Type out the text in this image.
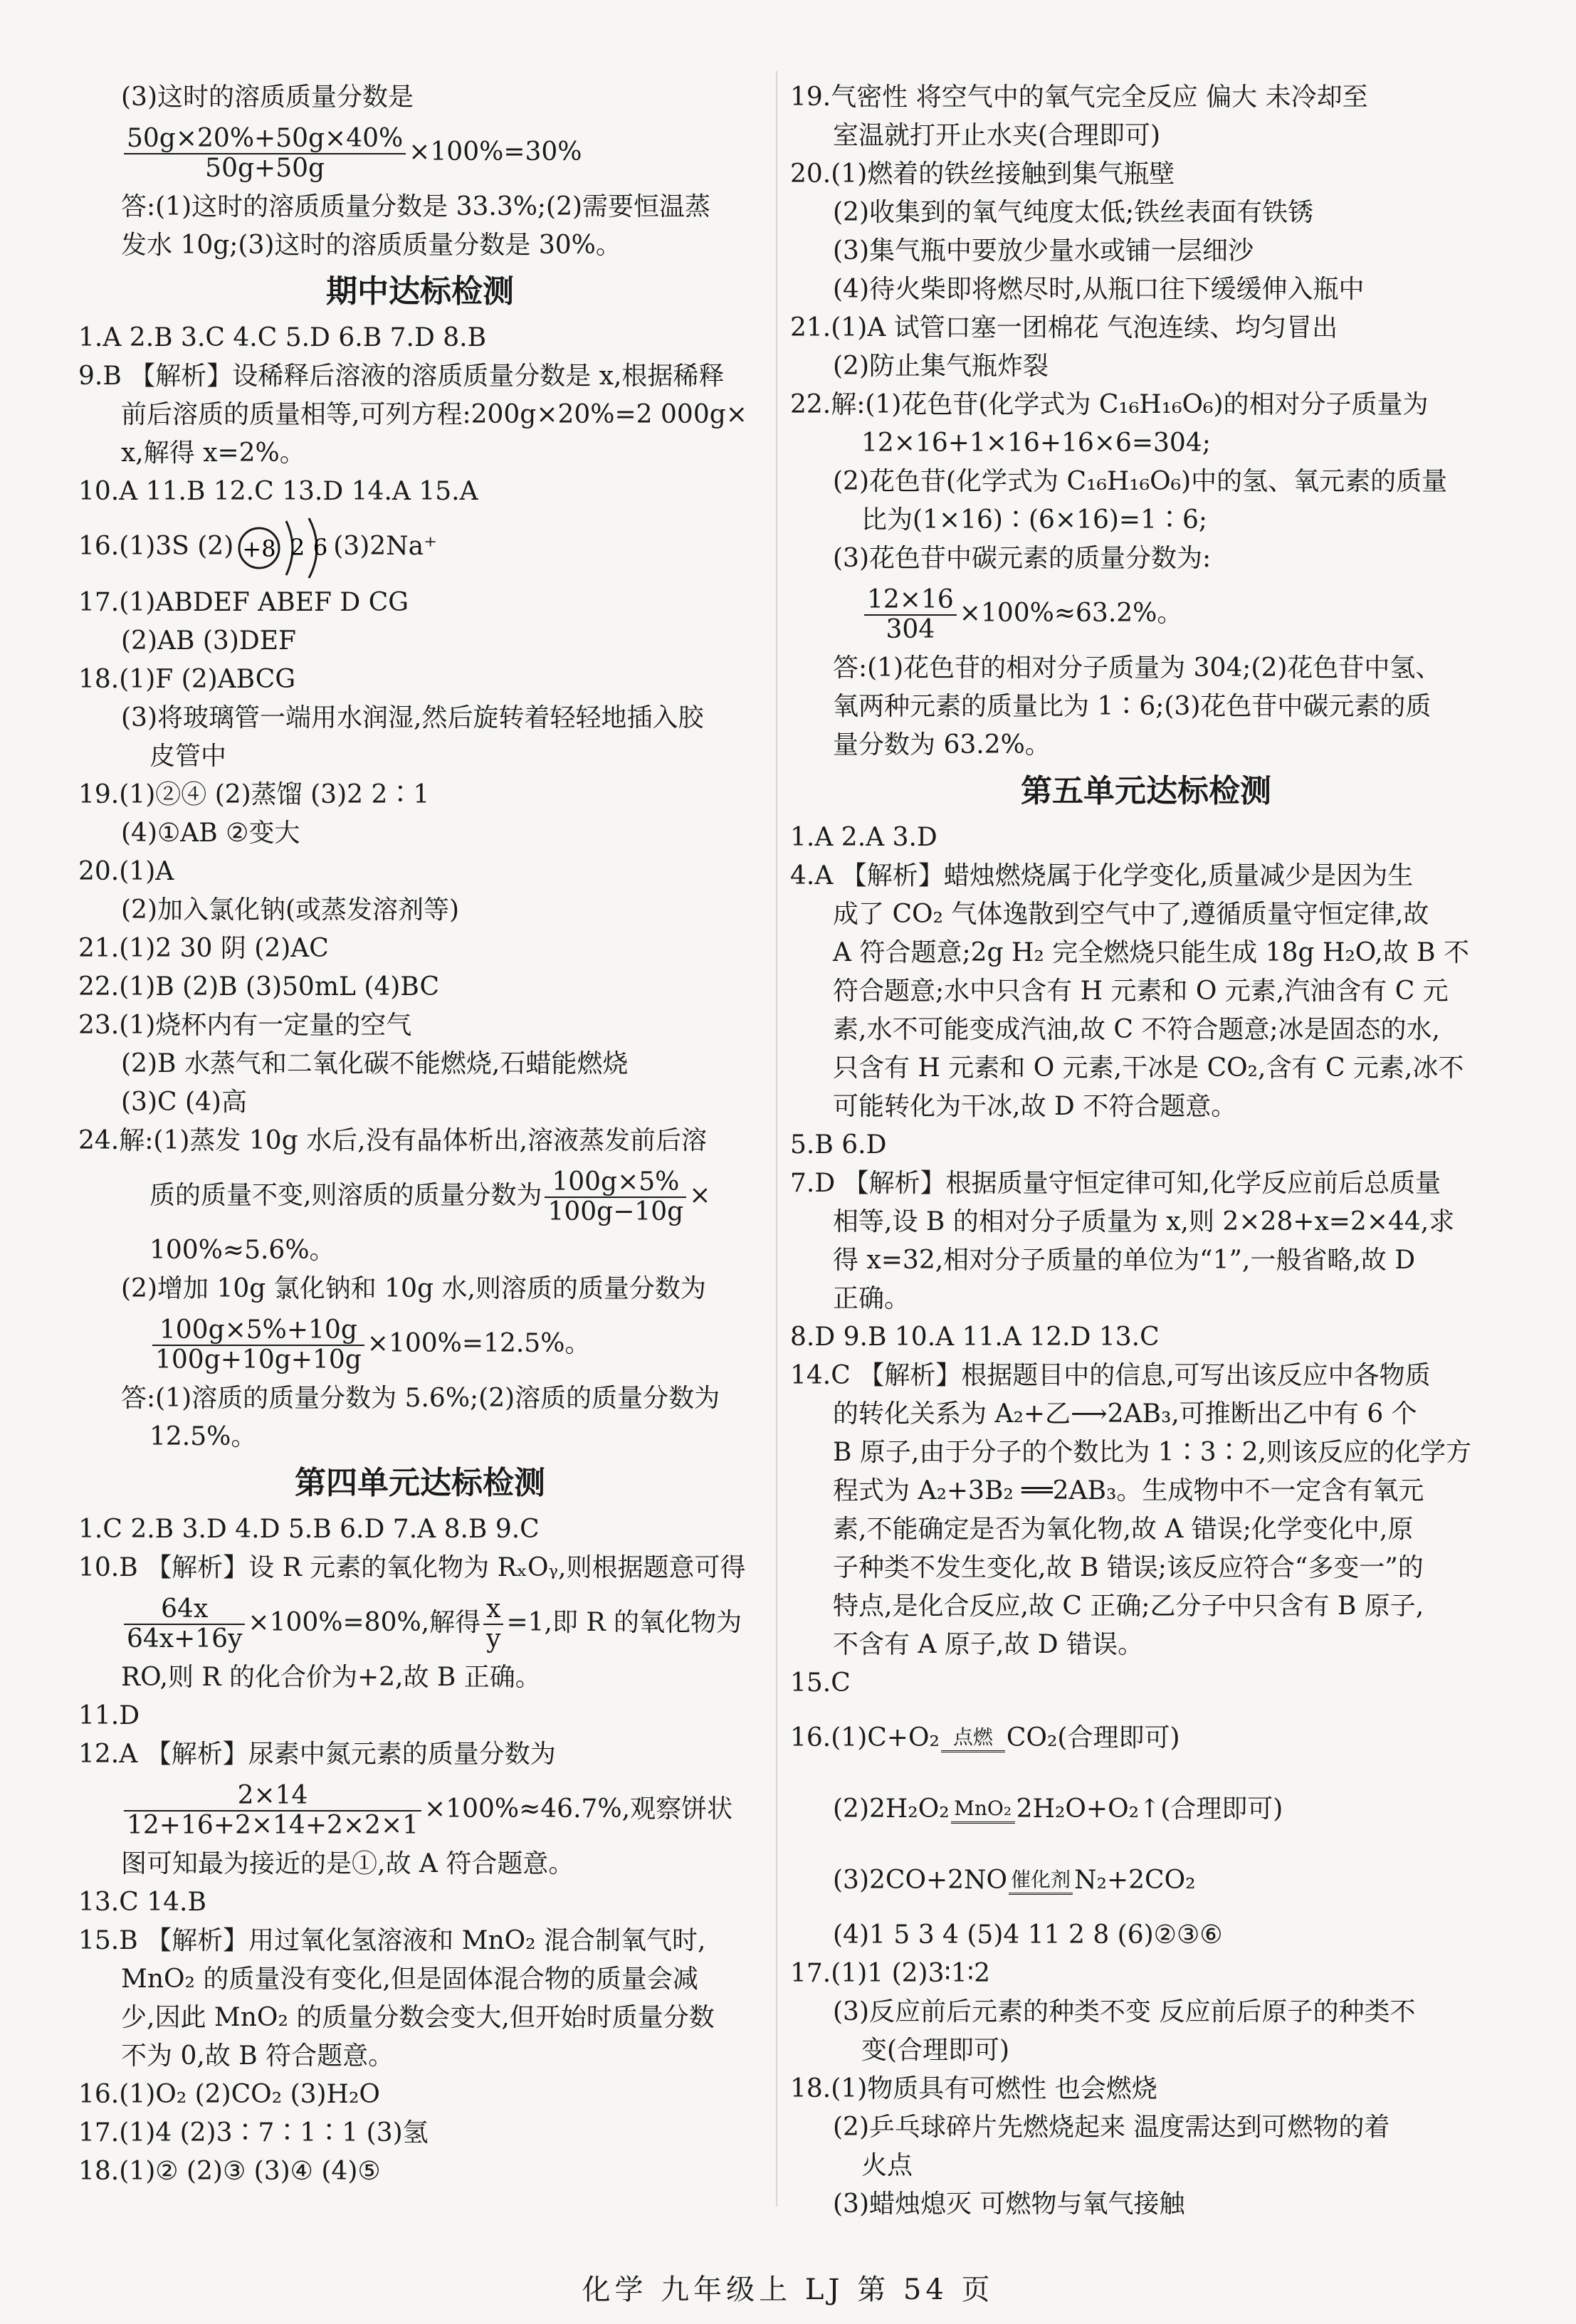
(3)这时的溶质质量分数是
$\frac{50g\times 20\%+50g\times 40\%}{50g+50g} \times 100\%=30\%$
答:(1)这时的溶质质量分数是 33.3%;(2)需要恒温蒸
发水 10g;(3)这时的溶质质量分数是 30%。
期中达标检测
1.A 2.B 3.C 4.C 5.D 6.B 7.D 8.B
9.B 【解析】设稀释后溶液的溶质质量分数是 x,根据稀释
前后溶质的质量相等,可列方程:200g×20%=2 000g×
x,解得 x=2%。
10.A 11.B 12.C 13.D 14.A 15.A
16.(1)3S (2) +8 2 6 (3)2Na⁺
17.(1)ABDEF ABEF D CG
(2)AB (3)DEF
18.(1)F (2)ABCG
(3)将玻璃管一端用水润湿,然后旋转着轻轻地插入胶
皮管中
19.(1)②④ (2)蒸馏 (3)2 2∶1
(4)①AB ②变大
20.(1)A
(2)加入氯化钠(或蒸发溶剂等)
21.(1)2 30 阴 (2)AC
22.(1)B (2)B (3)50mL (4)BC
23.(1)烧杯内有一定量的空气
(2)B 水蒸气和二氧化碳不能燃烧,石蜡能燃烧
(3)C (4)高
24.解:(1)蒸发 10g 水后,没有晶体析出,溶液蒸发前后溶
质的质量不变,则溶质的质量分数为 $\frac{100g\times 5\%}{100g-10g}$ ×
100%≈5.6%。
(2)增加 10g 氯化钠和 10g 水,则溶质的质量分数为
$\frac{100g\times 5\%+10g}{100g+10g+10g} \times 100\%=12.5\%$。
答:(1)溶质的质量分数为 5.6%;(2)溶质的质量分数为
12.5%。
第四单元达标检测
1.C 2.B 3.D 4.D 5.B 6.D 7.A 8.B 9.C
10.B 【解析】设 R 元素的氧化物为 RₓOᵧ,则根据题意可得
$\frac{64x}{64x+16y} \times 100\%=80\%$,解得 $\frac{x}{y} =1$,即 R 的氧化物为
RO,则 R 的化合价为+2,故 B 正确。
11.D
12.A 【解析】尿素中氮元素的质量分数为
$\frac{2\times 14}{12+16+2\times 14+2\times 2\times 1} \times 100\%\approx 46.7\%$,观察饼状
图可知最为接近的是①,故 A 符合题意。
13.C 14.B
15.B 【解析】用过氧化氢溶液和 MnO₂ 混合制氧气时,
MnO₂ 的质量没有变化,但是固体混合物的质量会减
少,因此 MnO₂ 的质量分数会变大,但开始时质量分数
不为 0,故 B 符合题意。
16.(1)O₂ (2)CO₂ (3)H₂O
17.(1)4 (2)3∶7∶1∶1 (3)氢
18.(1)② (2)③ (3)④ (4)⑤
19.气密性 将空气中的氧气完全反应 偏大 未冷却至
室温就打开止水夹(合理即可)
20.(1)燃着的铁丝接触到集气瓶壁
(2)收集到的氧气纯度太低;铁丝表面有铁锈
(3)集气瓶中要放少量水或铺一层细沙
(4)待火柴即将燃尽时,从瓶口往下缓缓伸入瓶中
21.(1)A 试管口塞一团棉花 气泡连续、均匀冒出
(2)防止集气瓶炸裂
22.解:(1)花色苷(化学式为 C₁₆H₁₆O₆)的相对分子质量为
12×16+1×16+16×6=304;
(2)花色苷(化学式为 C₁₆H₁₆O₆)中的氢、氧元素的质量
比为(1×16)∶(6×16)=1∶6;
(3)花色苷中碳元素的质量分数为:
$\frac{12\times 16}{304} \times 100\%\approx 63.2\%$。
答:(1)花色苷的相对分子质量为 304;(2)花色苷中氢、
氧两种元素的质量比为 1∶6;(3)花色苷中碳元素的质
量分数为 63.2%。
第五单元达标检测
1.A 2.A 3.D
4.A 【解析】蜡烛燃烧属于化学变化,质量减少是因为生
成了 CO₂ 气体逸散到空气中了,遵循质量守恒定律,故
A 符合题意;2g H₂ 完全燃烧只能生成 18g H₂O,故 B 不
符合题意;水中只含有 H 元素和 O 元素,汽油含有 C 元
素,水不可能变成汽油,故 C 不符合题意;冰是固态的水,
只含有 H 元素和 O 元素,干冰是 CO₂,含有 C 元素,冰不
可能转化为干冰,故 D 不符合题意。
5.B 6.D
7.D 【解析】根据质量守恒定律可知,化学反应前后总质量
相等,设 B 的相对分子质量为 x,则 2×28+x=2×44,求
得 x=32,相对分子质量的单位为“1”,一般省略,故 D
正确。
8.D 9.B 10.A 11.A 12.D 13.C
14.C 【解析】根据题目中的信息,可写出该反应中各物质
的转化关系为 A₂+乙⟶2AB₃,可推断出乙中有 6 个
B 原子,由于分子的个数比为 1∶3∶2,则该反应的化学方
程式为 A₂+3B₂ ══2AB₃。生成物中不一定含有氧元
素,不能确定是否为氧化物,故 A 错误;化学变化中,原
子种类不发生变化,故 B 错误;该反应符合“多变一”的
特点,是化合反应,故 C 正确;乙分子中只含有 B 原子,
不含有 A 原子,故 D 错误。
15.C
16.(1)C+O₂ 点燃 CO₂(合理即可)
(2)2H₂O₂ MnO₂ 2H₂O+O₂↑(合理即可)
(3)2CO+2NO 催化剂 N₂+2CO₂
(4)1 5 3 4 (5)4 11 2 8 (6)②③⑥
17.(1)1 (2)3∶1∶2
(3)反应前后元素的种类不变 反应前后原子的种类不
变(合理即可)
18.(1)物质具有可燃性 也会燃烧
(2)乒乓球碎片先燃烧起来 温度需达到可燃物的着
火点
(3)蜡烛熄灭 可燃物与氧气接触
化学 九年级上 LJ 第 54 页
